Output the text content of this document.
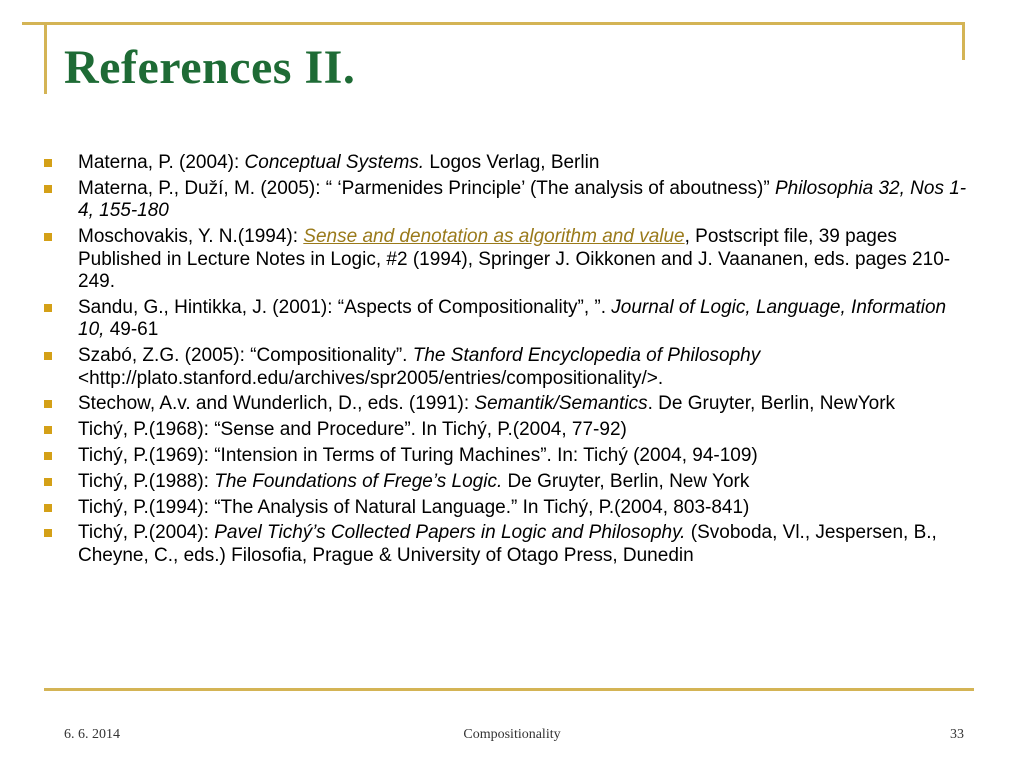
References II.
Materna, P. (2004): Conceptual Systems. Logos Verlag, Berlin
Materna, P., Duží, M. (2005): “ ‘Parmenides Principle’ (The analysis of aboutness)” Philosophia 32, Nos 1-4, 155-180
Moschovakis, Y. N.(1994): Sense and denotation as algorithm and value, Postscript file, 39 pages Published in Lecture Notes in Logic, #2 (1994), Springer J. Oikkonen and J. Vaananen, eds. pages 210-249.
Sandu, G., Hintikka, J. (2001): “Aspects of Compositionality”, ”. Journal of Logic, Language, Information 10, 49-61
Szabó, Z.G. (2005): “Compositionality”. The Stanford Encyclopedia of Philosophy <http://plato.stanford.edu/archives/spr2005/entries/compositionality/>.
Stechow, A.v. and Wunderlich, D., eds. (1991): Semantik/Semantics. De Gruyter, Berlin, NewYork
Tichý, P.(1968): “Sense and Procedure”. In Tichý, P.(2004, 77-92)
Tichý, P.(1969): “Intension in Terms of Turing Machines”. In: Tichý (2004, 94-109)
Tichý, P.(1988): The Foundations of Frege’s Logic. De Gruyter, Berlin, New York
Tichý, P.(1994): “The Analysis of Natural Language.” In Tichý, P.(2004, 803-841)
Tichý, P.(2004): Pavel Tichý’s Collected Papers in Logic and Philosophy. (Svoboda, Vl., Jespersen, B., Cheyne, C., eds.) Filosofia, Prague & University of Otago Press, Dunedin
6. 6. 2014	Compositionality	33
